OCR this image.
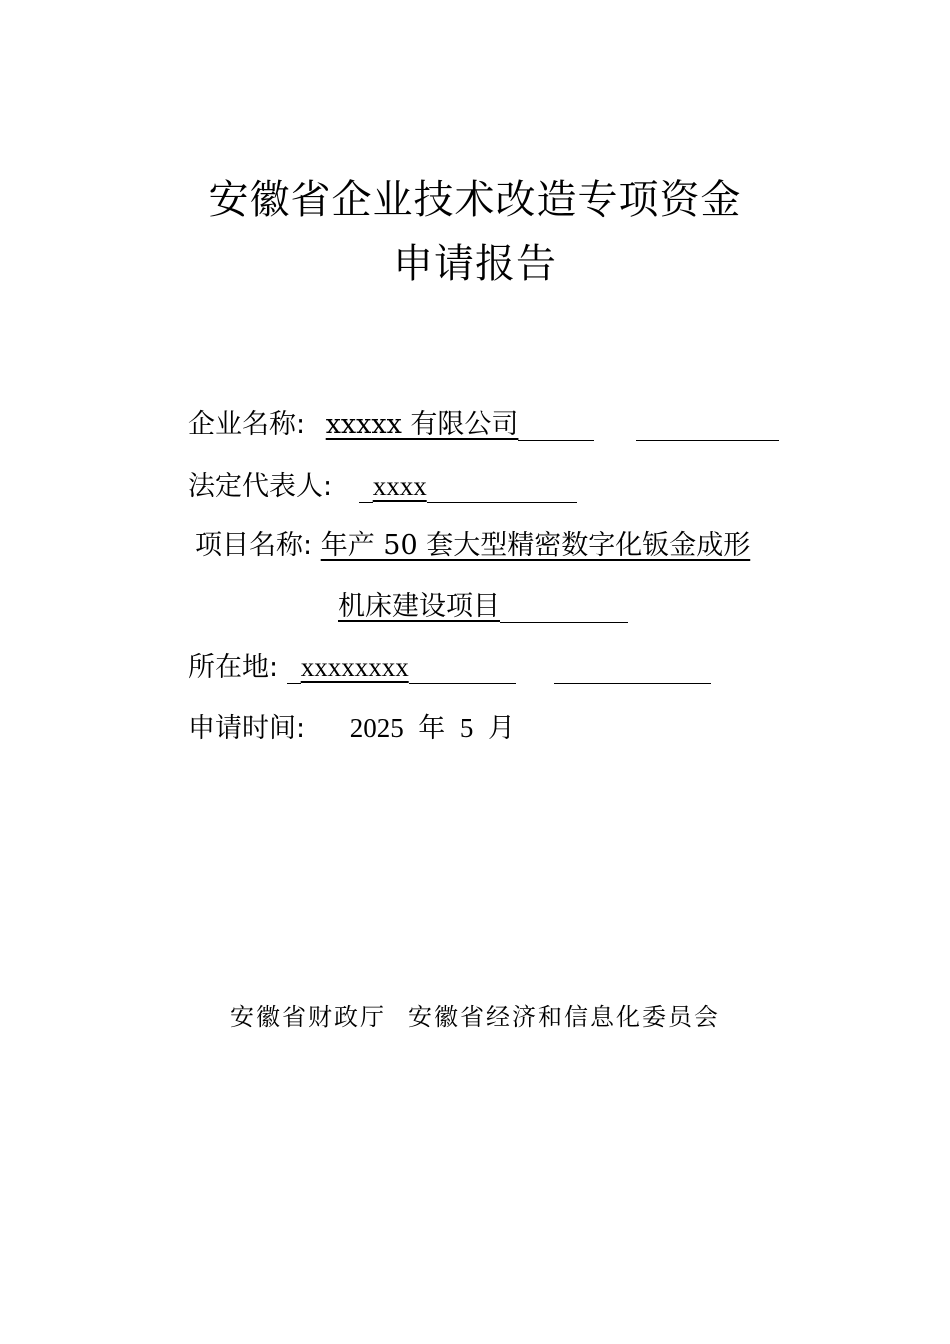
安徽省企业技术改造专项资金
申请报告
企业名称: xxxxx 有限公司
法定代表人: xxxx
项目名称: 年产 50 套大型精密数字化钣金成形
机床建设项目
所在地: xxxxxxxx
申请时间: 2025 年 5 月
安徽省财政厅 安徽省经济和信息化委员会
